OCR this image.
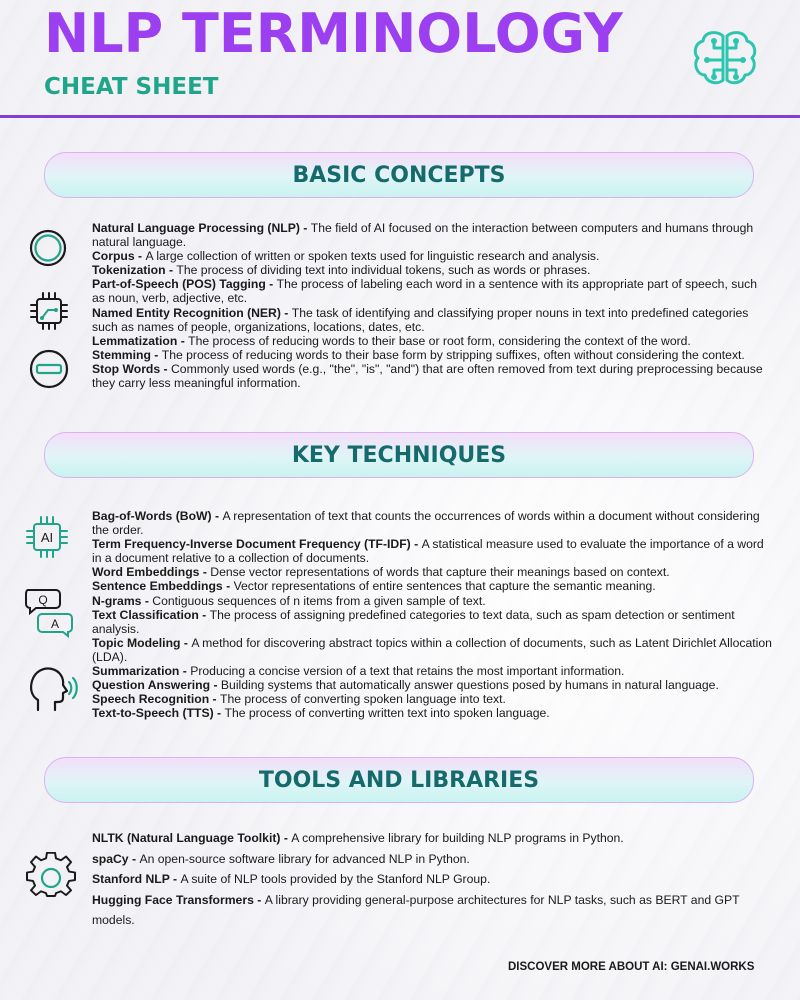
NLP TERMINOLOGY
CHEAT SHEET
BASIC CONCEPTS

Natural Language Processing (NLP) - The field of AI focused on the interaction between computers and humans through natural language.

Corpus - A large collection of written or spoken texts used for linguistic research and analysis.

Tokenization - The process of dividing text into individual tokens, such as words or phrases.

Part-of-Speech (POS) Tagging - The process of labeling each word in a sentence with its appropriate part of speech, such as noun, verb, adjective, etc.

Named Entity Recognition (NER) - The task of identifying and classifying proper nouns in text into predefined categories such as names of people, organizations, locations, dates, etc.

Lemmatization - The process of reducing words to their base or root form, considering the context of the word.

Stemming - The process of reducing words to their base form by stripping suffixes, often without considering the context.

Stop Words - Commonly used words (e.g., "the", "is", "and") that are often removed from text during preprocessing because they carry less meaningful information.

KEY TECHNIQUES
AI
Q
A

Bag-of-Words (BoW) - A representation of text that counts the occurrences of words within a document without considering the order.

Term Frequency-Inverse Document Frequency (TF-IDF) - A statistical measure used to evaluate the importance of a word in a document relative to a collection of documents.

Word Embeddings - Dense vector representations of words that capture their meanings based on context.

Sentence Embeddings - Vector representations of entire sentences that capture the semantic meaning.

N-grams - Contiguous sequences of n items from a given sample of text.

Text Classification - The process of assigning predefined categories to text data, such as spam detection or sentiment analysis.

Topic Modeling - A method for discovering abstract topics within a collection of documents, such as Latent Dirichlet Allocation (LDA).

Summarization - Producing a concise version of a text that retains the most important information.

Question Answering - Building systems that automatically answer questions posed by humans in natural language.

Speech Recognition - The process of converting spoken language into text.

Text-to-Speech (TTS) - The process of converting written text into spoken language.

TOOLS AND LIBRARIES

NLTK (Natural Language Toolkit) - A comprehensive library for building NLP programs in Python.

spaCy - An open-source software library for advanced NLP in Python.

Stanford NLP - A suite of NLP tools provided by the Stanford NLP Group.

Hugging Face Transformers - A library providing general-purpose architectures for NLP tasks, such as BERT and GPT models.

DISCOVER MORE ABOUT AI: GENAI.WORKS
